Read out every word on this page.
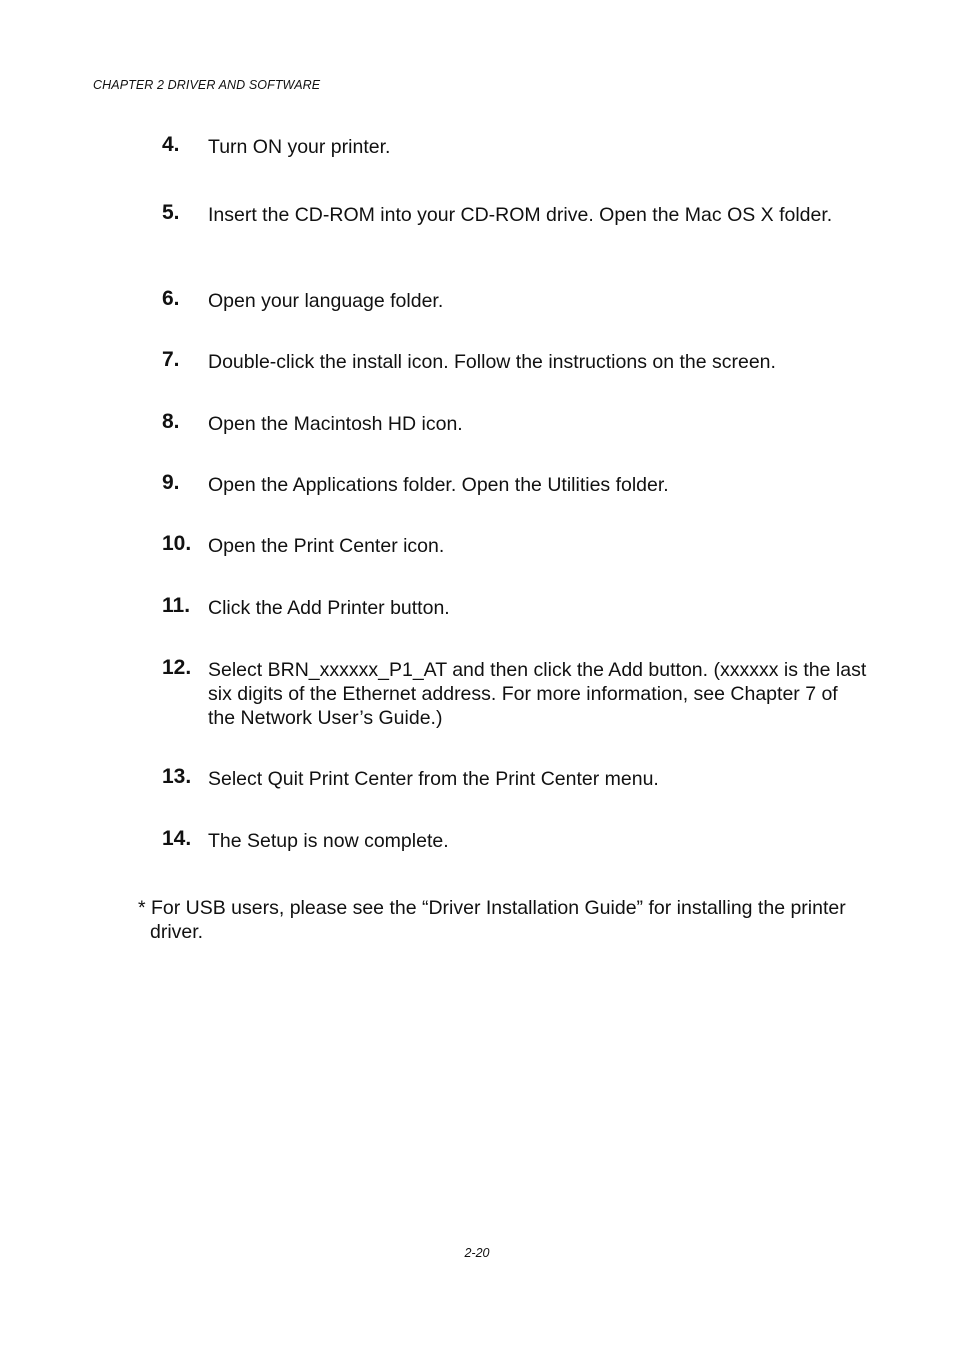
CHAPTER 2 DRIVER AND SOFTWARE
4. Turn ON your printer.
5. Insert the CD-ROM into your CD-ROM drive. Open the Mac OS X folder.
6. Open your language folder.
7. Double-click the install icon. Follow the instructions on the screen.
8. Open the Macintosh HD icon.
9. Open the Applications folder. Open the Utilities folder.
10. Open the Print Center icon.
11. Click the Add Printer button.
12. Select BRN_xxxxxx_P1_AT and then click the Add button. (xxxxxx is the last six digits of the Ethernet address. For more information, see Chapter 7 of the Network User’s Guide.)
13. Select Quit Print Center from the Print Center menu.
14. The Setup is now complete.
* For USB users, please see the “Driver Installation Guide” for installing the printer driver.
2-20
